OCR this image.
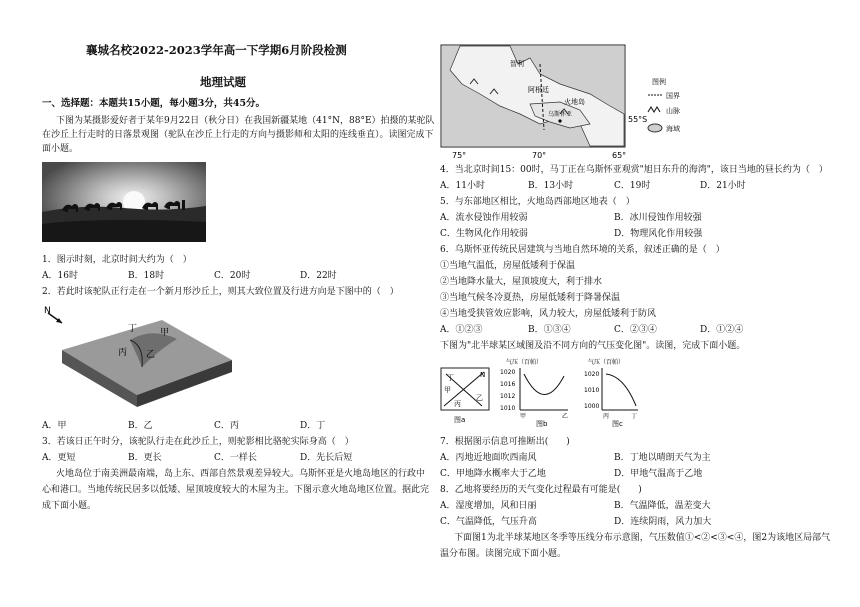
襄城名校2022-2023学年高一下学期6月阶段检测
地理试题
一、选择题：本题共15小题，每小题3分，共45分。
下图为某摄影爱好者于某年9月22日（秋分日）在我国新疆某地（41°N，88°E）拍摄的某驼队
在沙丘上行走时的日落景观图（驼队在沙丘上行走的方向与摄影师和太阳的连线垂直）。读图完成下
面小题。
1．图示时刻，北京时间大约为（　）
A．16时	B．18时	C．20时	D．22时
2．若此时该驼队正行走在一个新月形沙丘上，则其大致位置及行进方向是下图中的（　）
N
丁	甲
丙 乙
A．甲	B．乙	C．丙	D．丁
3．若该日正午时分，该驼队行走在此沙丘上，则驼影相比骆驼实际身高（　）
A．更短	B．更长	C．一样长	D．先长后短
火地岛位于南美洲最南端，岛上东、西部自然景观差异较大。乌斯怀亚是火地岛地区的行政中
心和港口。当地传统民居多以低矮、屋顶坡度较大的木屋为主。下图示意火地岛地区位置。据此完
成下面小题。
智利
阿根廷
火地岛
乌斯怀亚
55°S
75°	70°	65°
图例
国界
山脉
海域
4．当北京时间15：00时，马丁正在乌斯怀亚观赏"旭日东升的海湾"，该日当地的昼长约为（　）
A．11小时	B．13小时	C．19时	D．21小时
5．与东部地区相比，火地岛西部地区地表（　）
A．流水侵蚀作用较弱	B．冰川侵蚀作用较强
C．生物风化作用较弱	D．物理风化作用较强
6．乌斯怀亚传统民居建筑与当地自然环境的关系，叙述正确的是（　）
①当地气温低，房屋低矮利于保温
②当地降水量大，屋顶坡度大，利于排水
③当地气候冬冷夏热，房屋低矮利于降暑保温
④当地受狭管效应影响，风力较大，房屋低矮利于防风
A．①②③	B．①③④	C．②③④	D．①②④
下图为"北半球某区域图及沿不同方向的气压变化图"。读图，完成下面小题。
丁
甲
丙
乙
N
图a
气压（百帕）
1020
1016
1012
1010
甲	乙
图b
气压（百帕）
1020
1010
1000
丙	丁
图c
7．根据图示信息可推断出(　　)
A．丙地近地面吹西南风	B．丁地以晴朗天气为主
C．甲地降水概率大于乙地	D．甲地气温高于乙地
8．乙地将要经历的天气变化过程最有可能是(　　)
A．湿度增加，风和日丽	B．气温降低，温差变大
C．气温降低，气压升高	D．连续阴雨，风力加大
下面图1为北半球某地区冬季等压线分布示意图，气压数值①<②<③<④，图2为该地区局部气
温分布图。读图完成下面小题。
